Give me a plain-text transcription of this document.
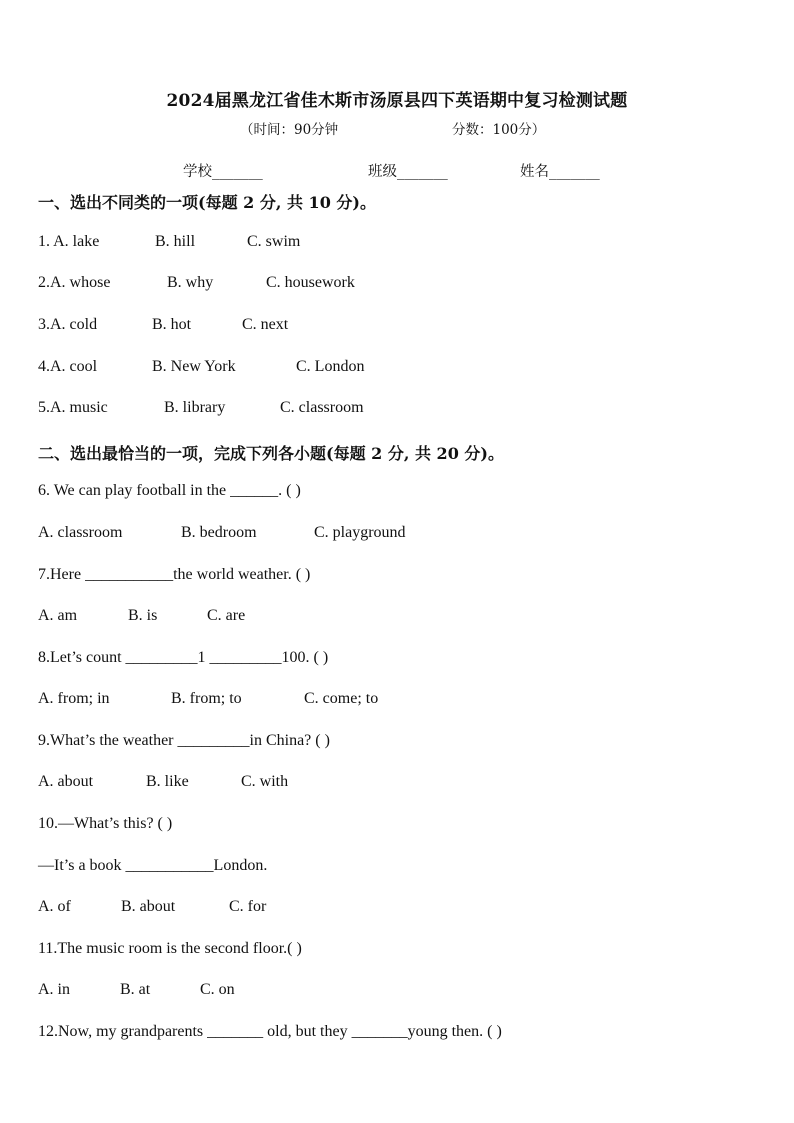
2024届黑龙江省佳木斯市汤原县四下英语期中复习检测试题
（时间：90分钟	分数：100分）
学校_______	班级_______	姓名_______
一、选出不同类的一项(每题 2 分, 共 10 分)。
1. A. lake	B. hill	C. swim
2.A. whose	B. why	C. housework
3.A. cold	B. hot	C. next
4.A. cool	B. New York	C. London
5.A. music	B. library	C. classroom
二、选出最恰当的一项，完成下列各小题(每题 2 分, 共 20 分)。
6. We can play football in the ______. ( )
A. classroom	B. bedroom	C. playground
7.Here ___________the world weather. ( )
A. am	B. is	C. are
8.Let’s count _________1 _________100. ( )
A. from; in	B. from; to	C. come; to
9.What’s the weather _________in China? ( )
A. about	B. like	C. with
10.—What’s this? ( )
—It’s a book ___________London.
A. of	B. about	C. for
11.The music room is the second floor.( )
A. in	B. at	C. on
12.Now, my grandparents _______ old, but they _______young then. ( )
